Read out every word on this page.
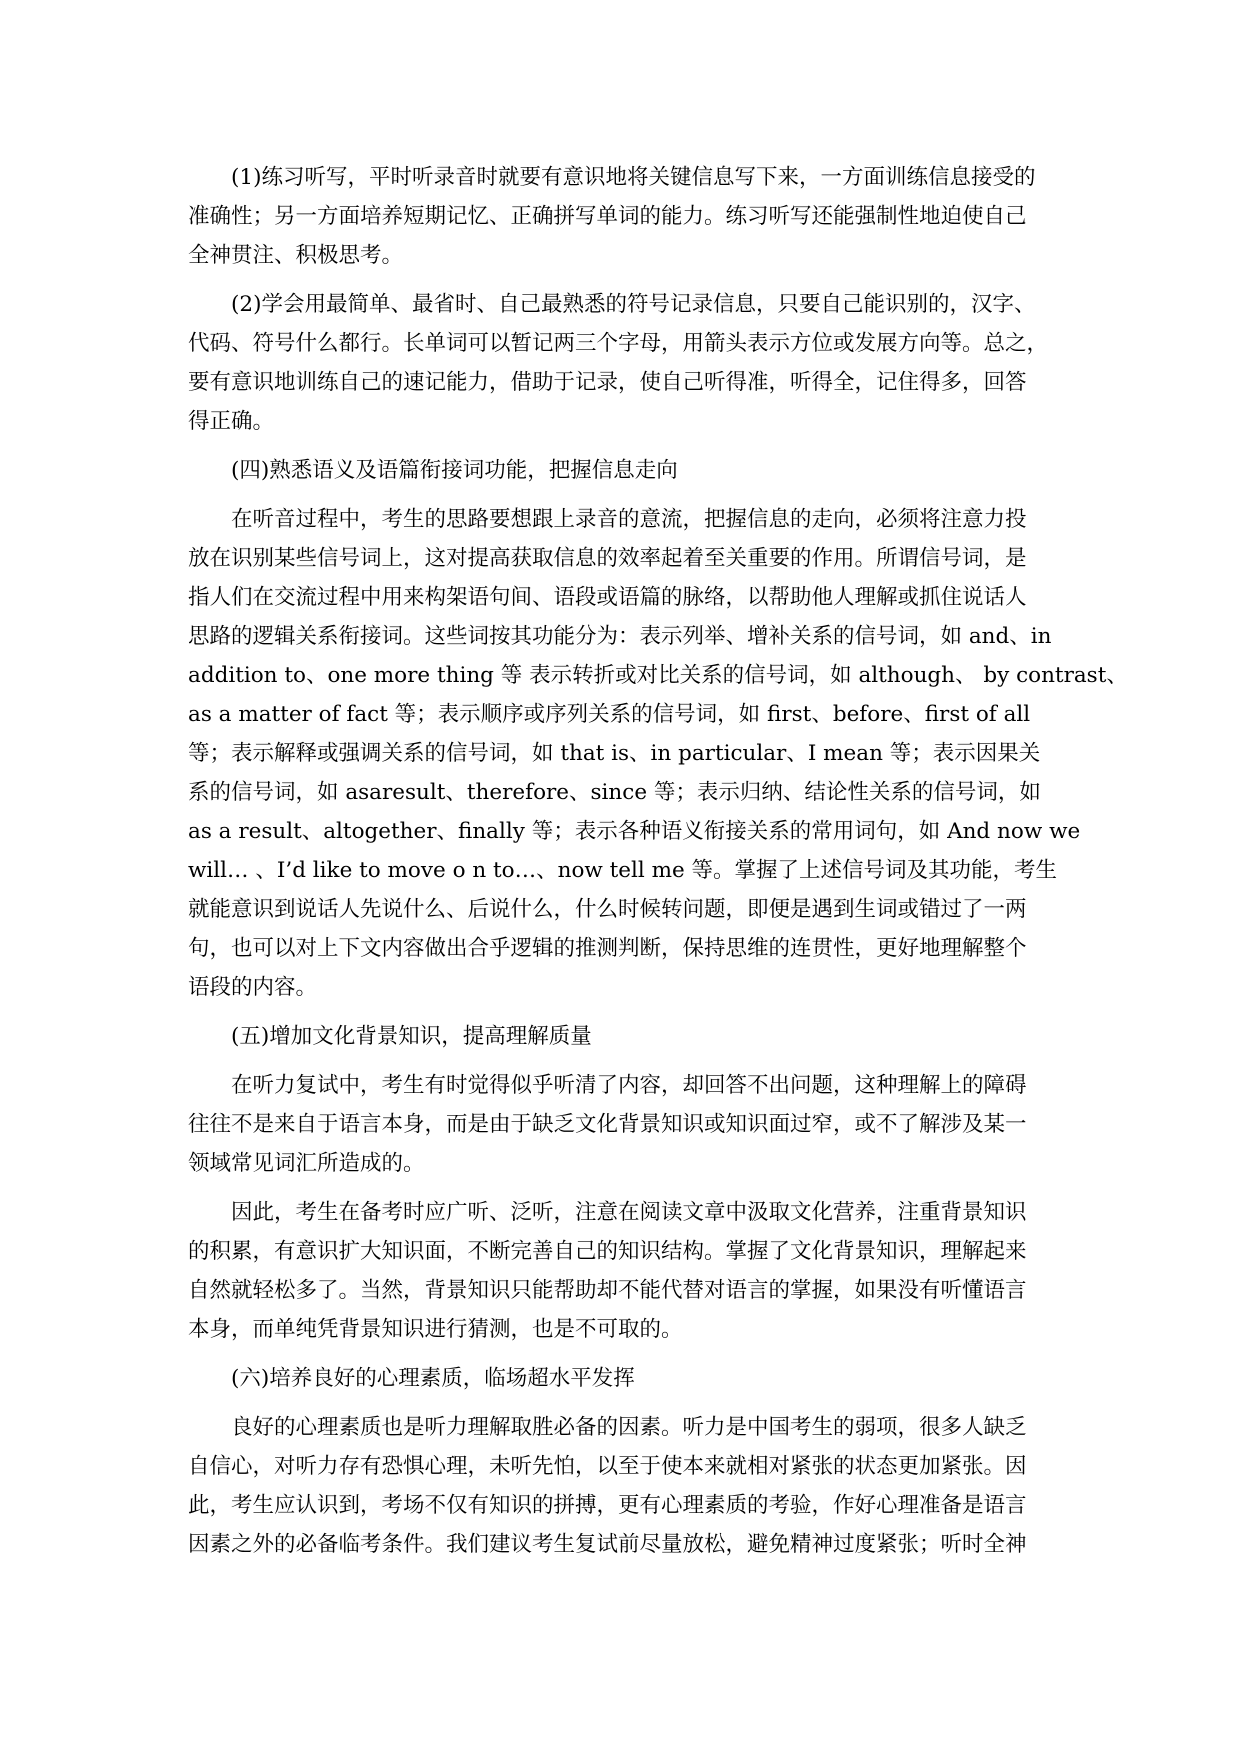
(1)练习听写，平时听录音时就要有意识地将关键信息写下来，一方面训练信息接受的
准确性；另一方面培养短期记忆、正确拼写单词的能力。练习听写还能强制性地迫使自己
全神贯注、积极思考。
(2)学会用最简单、最省时、自己最熟悉的符号记录信息，只要自己能识别的，汉字、
代码、符号什么都行。长单词可以暂记两三个字母，用箭头表示方位或发展方向等。总之，
要有意识地训练自己的速记能力，借助于记录，使自己听得准，听得全，记住得多，回答
得正确。
(四)熟悉语义及语篇衔接词功能，把握信息走向
在听音过程中，考生的思路要想跟上录音的意流，把握信息的走向，必须将注意力投
放在识别某些信号词上，这对提高获取信息的效率起着至关重要的作用。所谓信号词，是
指人们在交流过程中用来构架语句间、语段或语篇的脉络，以帮助他人理解或抓住说话人
思路的逻辑关系衔接词。这些词按其功能分为：表示列举、增补关系的信号词，如 and、in
addition to、one more thing 等 表示转折或对比关系的信号词，如 although、 by contrast、
as a matter of fact 等；表示顺序或序列关系的信号词，如 first、before、first of all
等；表示解释或强调关系的信号词，如 that is、in particular、I mean 等；表示因果关
系的信号词，如 asaresult、therefore、since 等；表示归纳、结论性关系的信号词，如
as a result、altogether、finally 等；表示各种语义衔接关系的常用词句，如 And now we
will… 、I’d like to move o n to…、now tell me 等。掌握了上述信号词及其功能，考生
就能意识到说话人先说什么、后说什么，什么时候转问题，即便是遇到生词或错过了一两
句，也可以对上下文内容做出合乎逻辑的推测判断，保持思维的连贯性，更好地理解整个
语段的内容。
(五)增加文化背景知识，提高理解质量
在听力复试中，考生有时觉得似乎听清了内容，却回答不出问题，这种理解上的障碍
往往不是来自于语言本身，而是由于缺乏文化背景知识或知识面过窄，或不了解涉及某一
领域常见词汇所造成的。
因此，考生在备考时应广听、泛听，注意在阅读文章中汲取文化营养，注重背景知识
的积累，有意识扩大知识面，不断完善自己的知识结构。掌握了文化背景知识，理解起来
自然就轻松多了。当然，背景知识只能帮助却不能代替对语言的掌握，如果没有听懂语言
本身，而单纯凭背景知识进行猜测，也是不可取的。
(六)培养良好的心理素质，临场超水平发挥
良好的心理素质也是听力理解取胜必备的因素。听力是中国考生的弱项，很多人缺乏
自信心，对听力存有恐惧心理，未听先怕，以至于使本来就相对紧张的状态更加紧张。因
此，考生应认识到，考场不仅有知识的拼搏，更有心理素质的考验，作好心理准备是语言
因素之外的必备临考条件。我们建议考生复试前尽量放松，避免精神过度紧张；听时全神
